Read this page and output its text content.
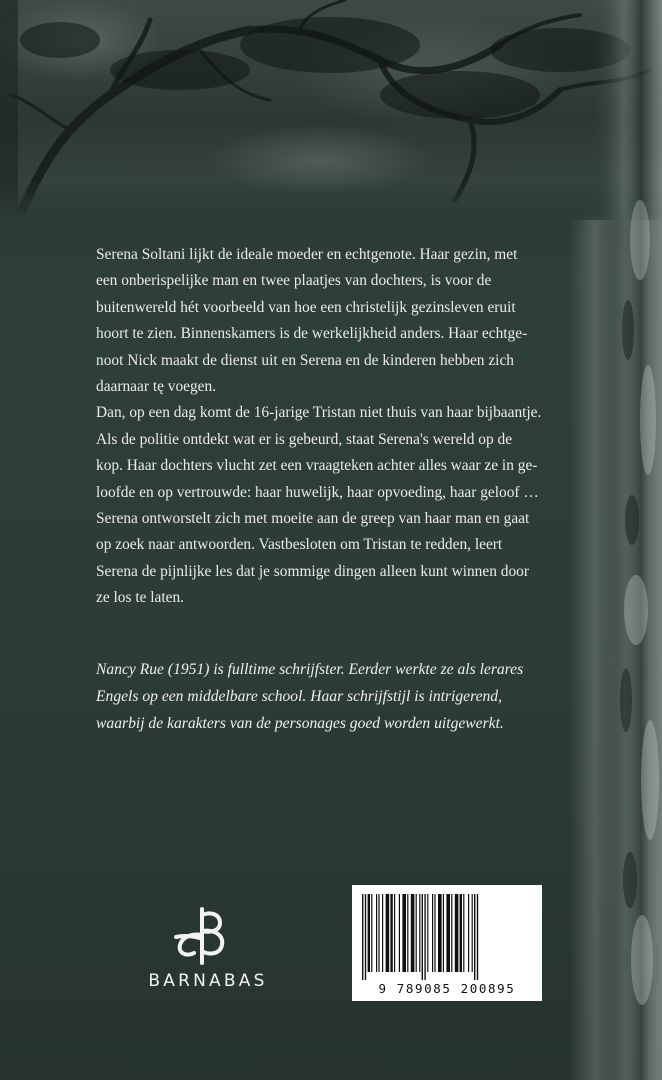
Serena Soltani lijkt de ideale moeder en echtgenote. Haar gezin, met

een onberispelijke man en twee plaatjes van dochters, is voor de

buitenwereld hét voorbeeld van hoe een christelijk gezinsleven eruit

hoort te zien. Binnenskamers is de werkelijkheid anders. Haar echtge-

noot Nick maakt de dienst uit en Serena en de kinderen hebben zich

daarnaar tę voegen.

Dan, op een dag komt de 16-jarige Tristan niet thuis van haar bijbaantje.

Als de politie ontdekt wat er is gebeurd, staat Serena's wereld op de

kop. Haar dochters vlucht zet een vraagteken achter alles waar ze in ge-

loofde en op vertrouwde: haar huwelijk, haar opvoeding, haar geloof …

Serena ontworstelt zich met moeite aan de greep van haar man en gaat

op zoek naar antwoorden. Vastbesloten om Tristan te redden, leert

Serena de pijnlijke les dat je sommige dingen alleen kunt winnen door

ze los te laten.

Nancy Rue (1951) is fulltime schrijfster. Eerder werkte ze als lerares

Engels op een middelbare school. Haar schrijfstijl is intrigerend,

waarbij de karakters van de personages goed worden uitgewerkt.

BARNABAS	9 789085 200895
